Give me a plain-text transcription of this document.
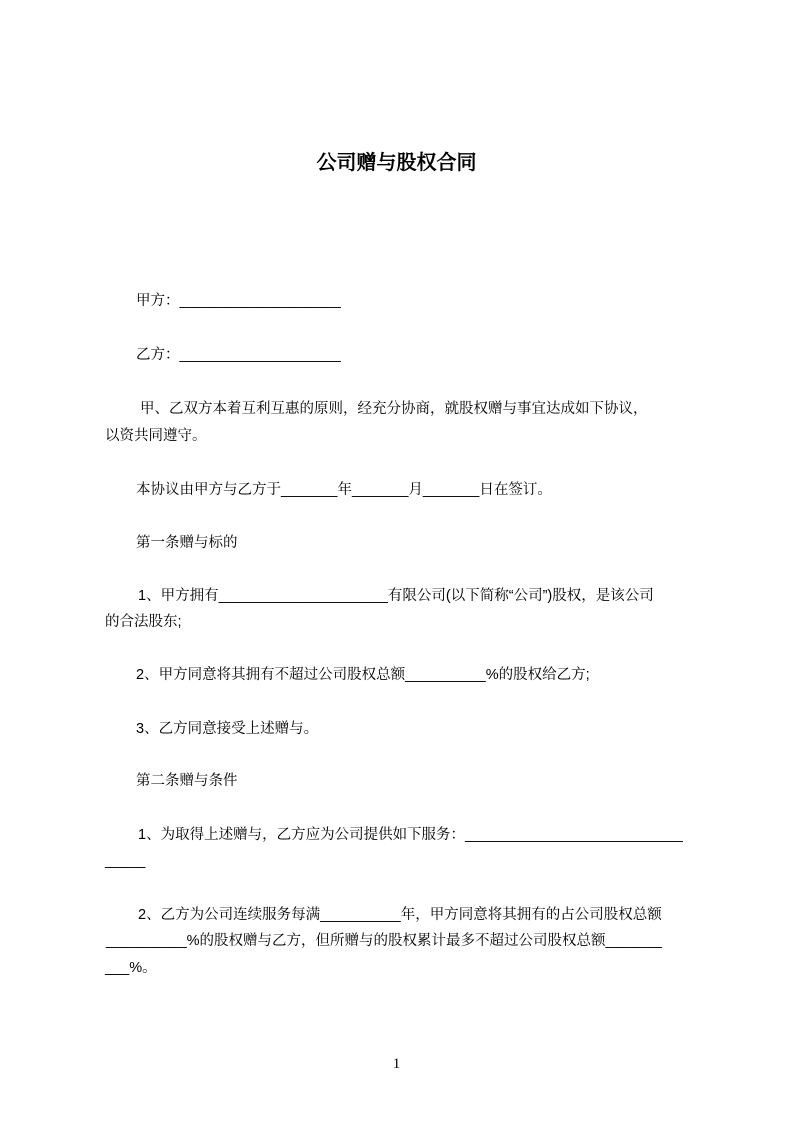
公司赠与股权合同
甲方：____________________
乙方：____________________
甲、乙双方本着互利互惠的原则，经充分协商，就股权赠与事宜达成如下协议，
以资共同遵守。
本协议由甲方与乙方于_______年_______月_______日在签订。
第一条赠与标的
1、甲方拥有_____________________有限公司(以下简称“公司”)股权，是该公司
的合法股东;
2、甲方同意将其拥有不超过公司股权总额__________%的股权给乙方;
3、乙方同意接受上述赠与。
第二条赠与条件
1、为取得上述赠与，乙方应为公司提供如下服务：___________________________
_____
2、乙方为公司连续服务每满__________年，甲方同意将其拥有的占公司股权总额
__________%的股权赠与乙方，但所赠与的股权累计最多不超过公司股权总额_______
___%。
1
